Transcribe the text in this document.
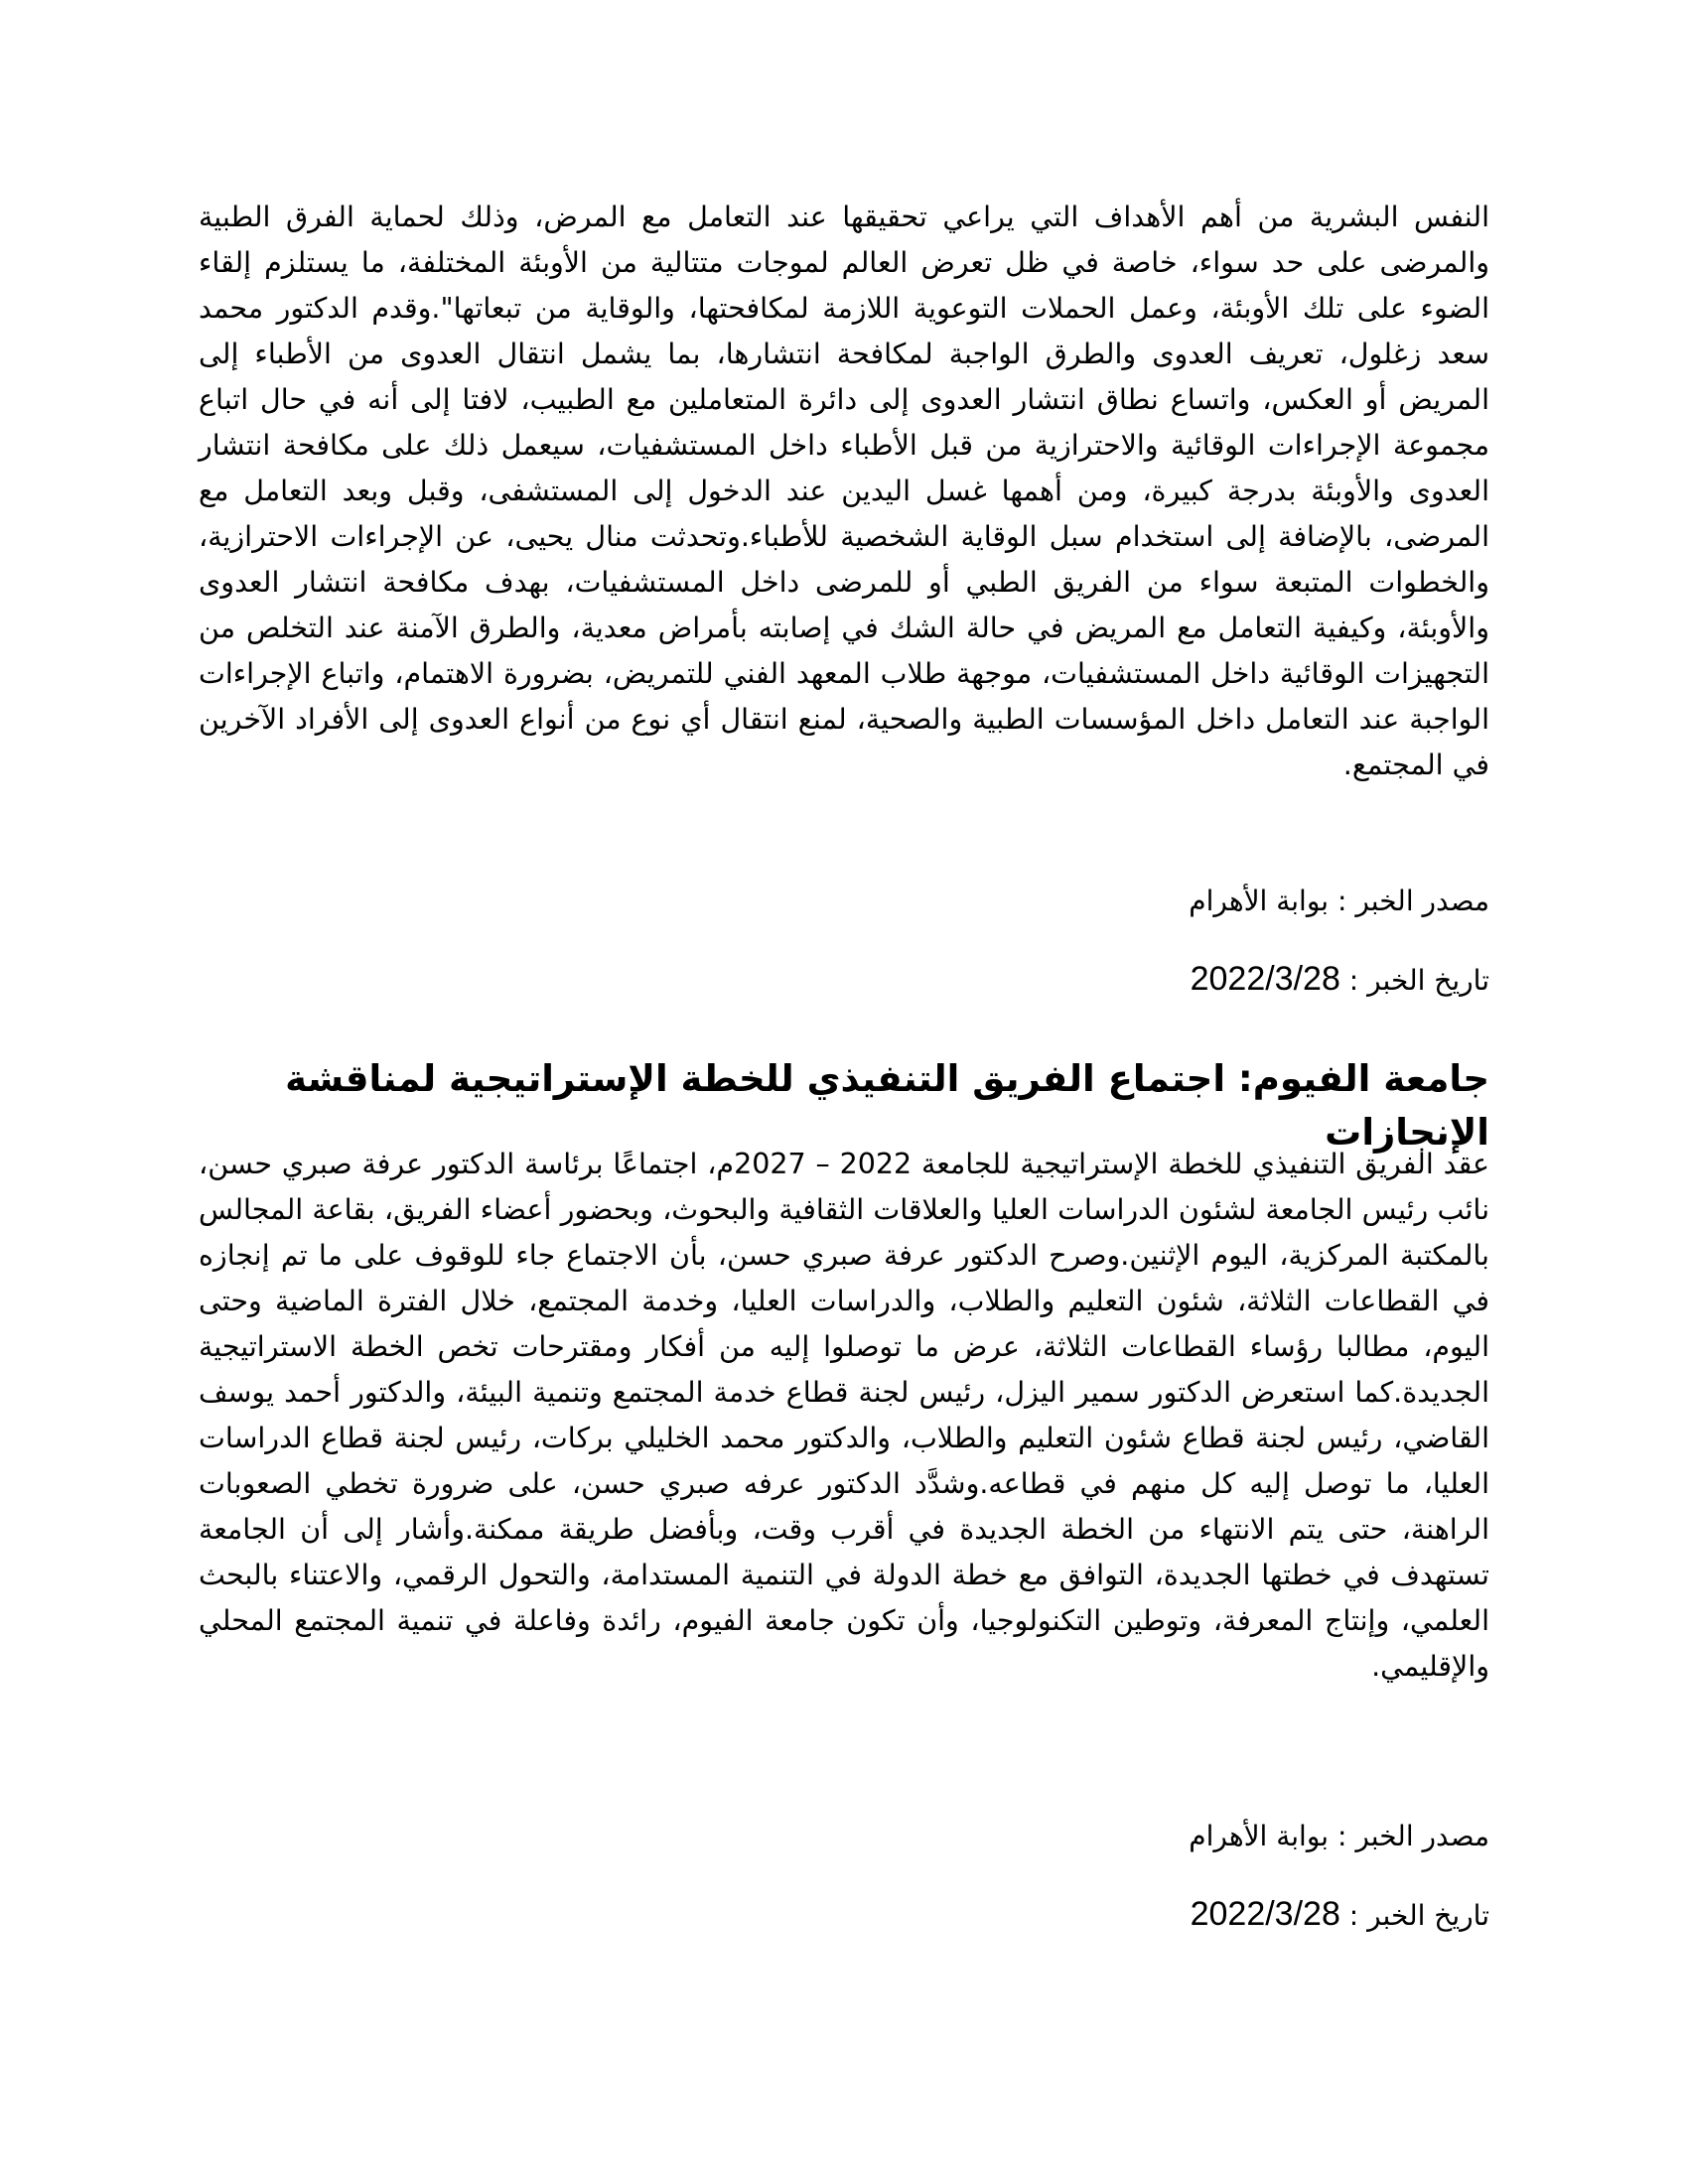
النفس البشرية من أهم الأهداف التي يراعي تحقيقها عند التعامل مع المرض، وذلك لحماية الفرق الطبية والمرضى على حد سواء، خاصة في ظل تعرض العالم لموجات متتالية من الأوبئة المختلفة، ما يستلزم إلقاء الضوء على تلك الأوبئة، وعمل الحملات التوعوية اللازمة لمكافحتها، والوقاية من تبعاتها".وقدم الدكتور محمد سعد زغلول، تعريف العدوى والطرق الواجبة لمكافحة انتشارها، بما يشمل انتقال العدوى من الأطباء إلى المريض أو العكس، واتساع نطاق انتشار العدوى إلى دائرة المتعاملين مع الطبيب، لافتا إلى أنه في حال اتباع مجموعة الإجراءات الوقائية والاحترازية من قبل الأطباء داخل المستشفيات، سيعمل ذلك على مكافحة انتشار العدوى والأوبئة بدرجة كبيرة، ومن أهمها غسل اليدين عند الدخول إلى المستشفى، وقبل وبعد التعامل مع المرضى، بالإضافة إلى استخدام سبل الوقاية الشخصية للأطباء.وتحدثت منال يحيى، عن الإجراءات الاحترازية، والخطوات المتبعة سواء من الفريق الطبي أو للمرضى داخل المستشفيات، بهدف مكافحة انتشار العدوى والأوبئة، وكيفية التعامل مع المريض في حالة الشك في إصابته بأمراض معدية، والطرق الآمنة عند التخلص من التجهيزات الوقائية داخل المستشفيات، موجهة طلاب المعهد الفني للتمريض، بضرورة الاهتمام، واتباع الإجراءات الواجبة عند التعامل داخل المؤسسات الطبية والصحية، لمنع انتقال أي نوع من أنواع العدوى إلى الأفراد الآخرين في المجتمع.

مصدر الخبر : بوابة الأهرام

تاريخ الخبر : 2022/3/28

جامعة الفيوم: اجتماع الفريق التنفيذي للخطة الإستراتيجية لمناقشة الإنجازات

عقد الفريق التنفيذي للخطة الإستراتيجية للجامعة 2022 – 2027م، اجتماعًا برئاسة الدكتور عرفة صبري حسن، نائب رئيس الجامعة لشئون الدراسات العليا والعلاقات الثقافية والبحوث، وبحضور أعضاء الفريق، بقاعة المجالس بالمكتبة المركزية، اليوم الإثنين.وصرح الدكتور عرفة صبري حسن، بأن الاجتماع جاء للوقوف على ما تم إنجازه في القطاعات الثلاثة، شئون التعليم والطلاب، والدراسات العليا، وخدمة المجتمع، خلال الفترة الماضية وحتى اليوم، مطالبا رؤساء القطاعات الثلاثة، عرض ما توصلوا إليه من أفكار ومقترحات تخص الخطة الاستراتيجية الجديدة.كما استعرض الدكتور سمير اليزل، رئيس لجنة قطاع خدمة المجتمع وتنمية البيئة، والدكتور أحمد يوسف القاضي، رئيس لجنة قطاع شئون التعليم والطلاب، والدكتور محمد الخليلي بركات، رئيس لجنة قطاع الدراسات العليا، ما توصل إليه كل منهم في قطاعه.وشدَّد الدكتور عرفه صبري حسن، على ضرورة تخطي الصعوبات الراهنة، حتى يتم الانتهاء من الخطة الجديدة في أقرب وقت، وبأفضل طريقة ممكنة.وأشار إلى أن الجامعة تستهدف في خطتها الجديدة، التوافق مع خطة الدولة في التنمية المستدامة، والتحول الرقمي، والاعتناء بالبحث العلمي، وإنتاج المعرفة، وتوطين التكنولوجيا، وأن تكون جامعة الفيوم، رائدة وفاعلة في تنمية المجتمع المحلي والإقليمي.

مصدر الخبر : بوابة الأهرام

تاريخ الخبر : 2022/3/28
